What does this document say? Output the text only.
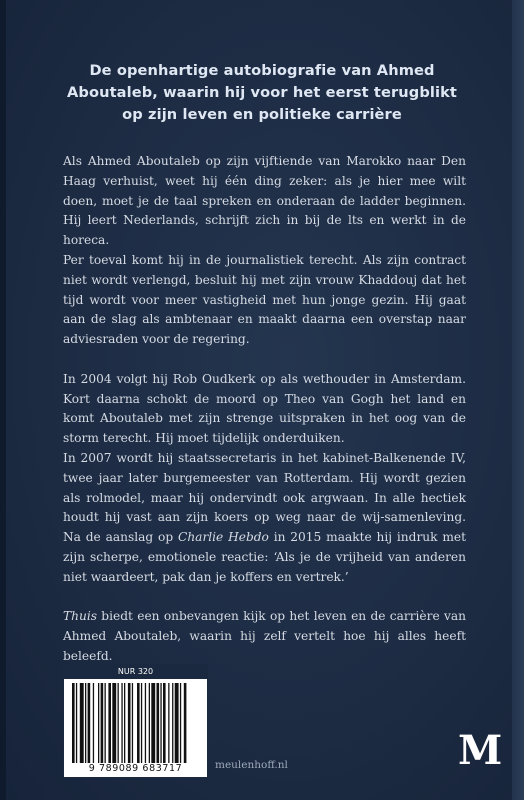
De openhartige autobiografie van Ahmed
Aboutaleb, waarin hij voor het eerst terugblikt
op zijn leven en politieke carrière

Als Ahmed Aboutaleb op zijn vijftiende van Marokko naar Den Haag verhuist, weet hij één ding zeker: als je hier mee wilt doen, moet je de taal spreken en onderaan de ladder beginnen. Hij leert Nederlands, schrijft zich in bij de lts en werkt in de horeca.

Per toeval komt hij in de journalistiek terecht. Als zijn contract niet wordt verlengd, besluit hij met zijn vrouw Khaddouj dat het tijd wordt voor meer vastigheid met hun jonge gezin. Hij gaat aan de slag als ambtenaar en maakt daarna een overstap naar adviesraden voor de regering.

In 2004 volgt hij Rob Oudkerk op als wethouder in Amsterdam. Kort daarna schokt de moord op Theo van Gogh het land en komt Aboutaleb met zijn strenge uitspraken in het oog van de storm terecht. Hij moet tijdelijk onderduiken.

In 2007 wordt hij staatssecretaris in het kabinet-Balkenende IV, twee jaar later burgemeester van Rotterdam. Hij wordt gezien als rolmodel, maar hij ondervindt ook argwaan. In alle hectiek houdt hij vast aan zijn koers op weg naar de wij-samenleving. Na de aanslag op Charlie Hebdo in 2015 maakte hij indruk met zijn scherpe, emotionele reactie: ‘Als je de vrijheid van anderen niet waardeert, pak dan je koffers en vertrek.’

Thuis biedt een onbevangen kijk op het leven en de carrière van Ahmed Aboutaleb, waarin hij zelf vertelt hoe hij alles heeft beleefd.

NUR 320
9 789089 683717	meulenhoff.nl	M
